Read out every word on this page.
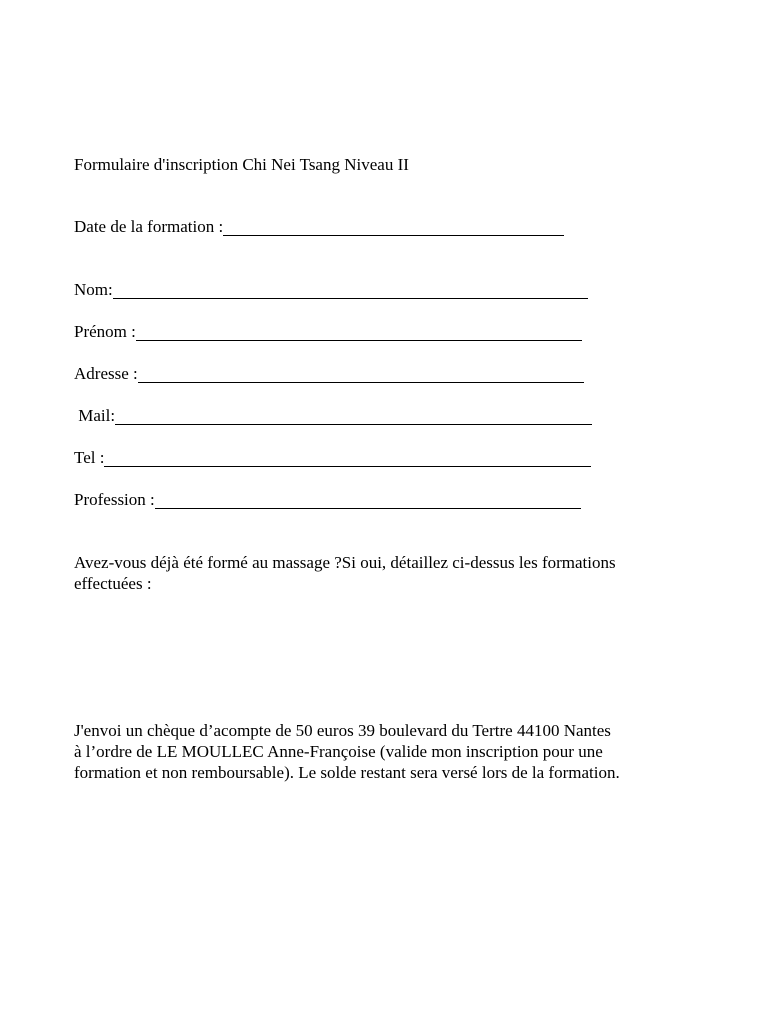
Formulaire d'inscription Chi Nei Tsang Niveau II
Date de la formation :
Nom:
Prénom :
Adresse :
Mail:
Tel :
Profession :
Avez-vous déjà été formé au massage ?Si oui, détaillez ci-dessus les formations
effectuées :
J'envoi un chèque d’acompte de 50 euros 39 boulevard du Tertre 44100 Nantes
à l’ordre de LE MOULLEC Anne-Françoise (valide mon inscription pour une
formation et non remboursable). Le solde restant sera versé lors de la formation.
